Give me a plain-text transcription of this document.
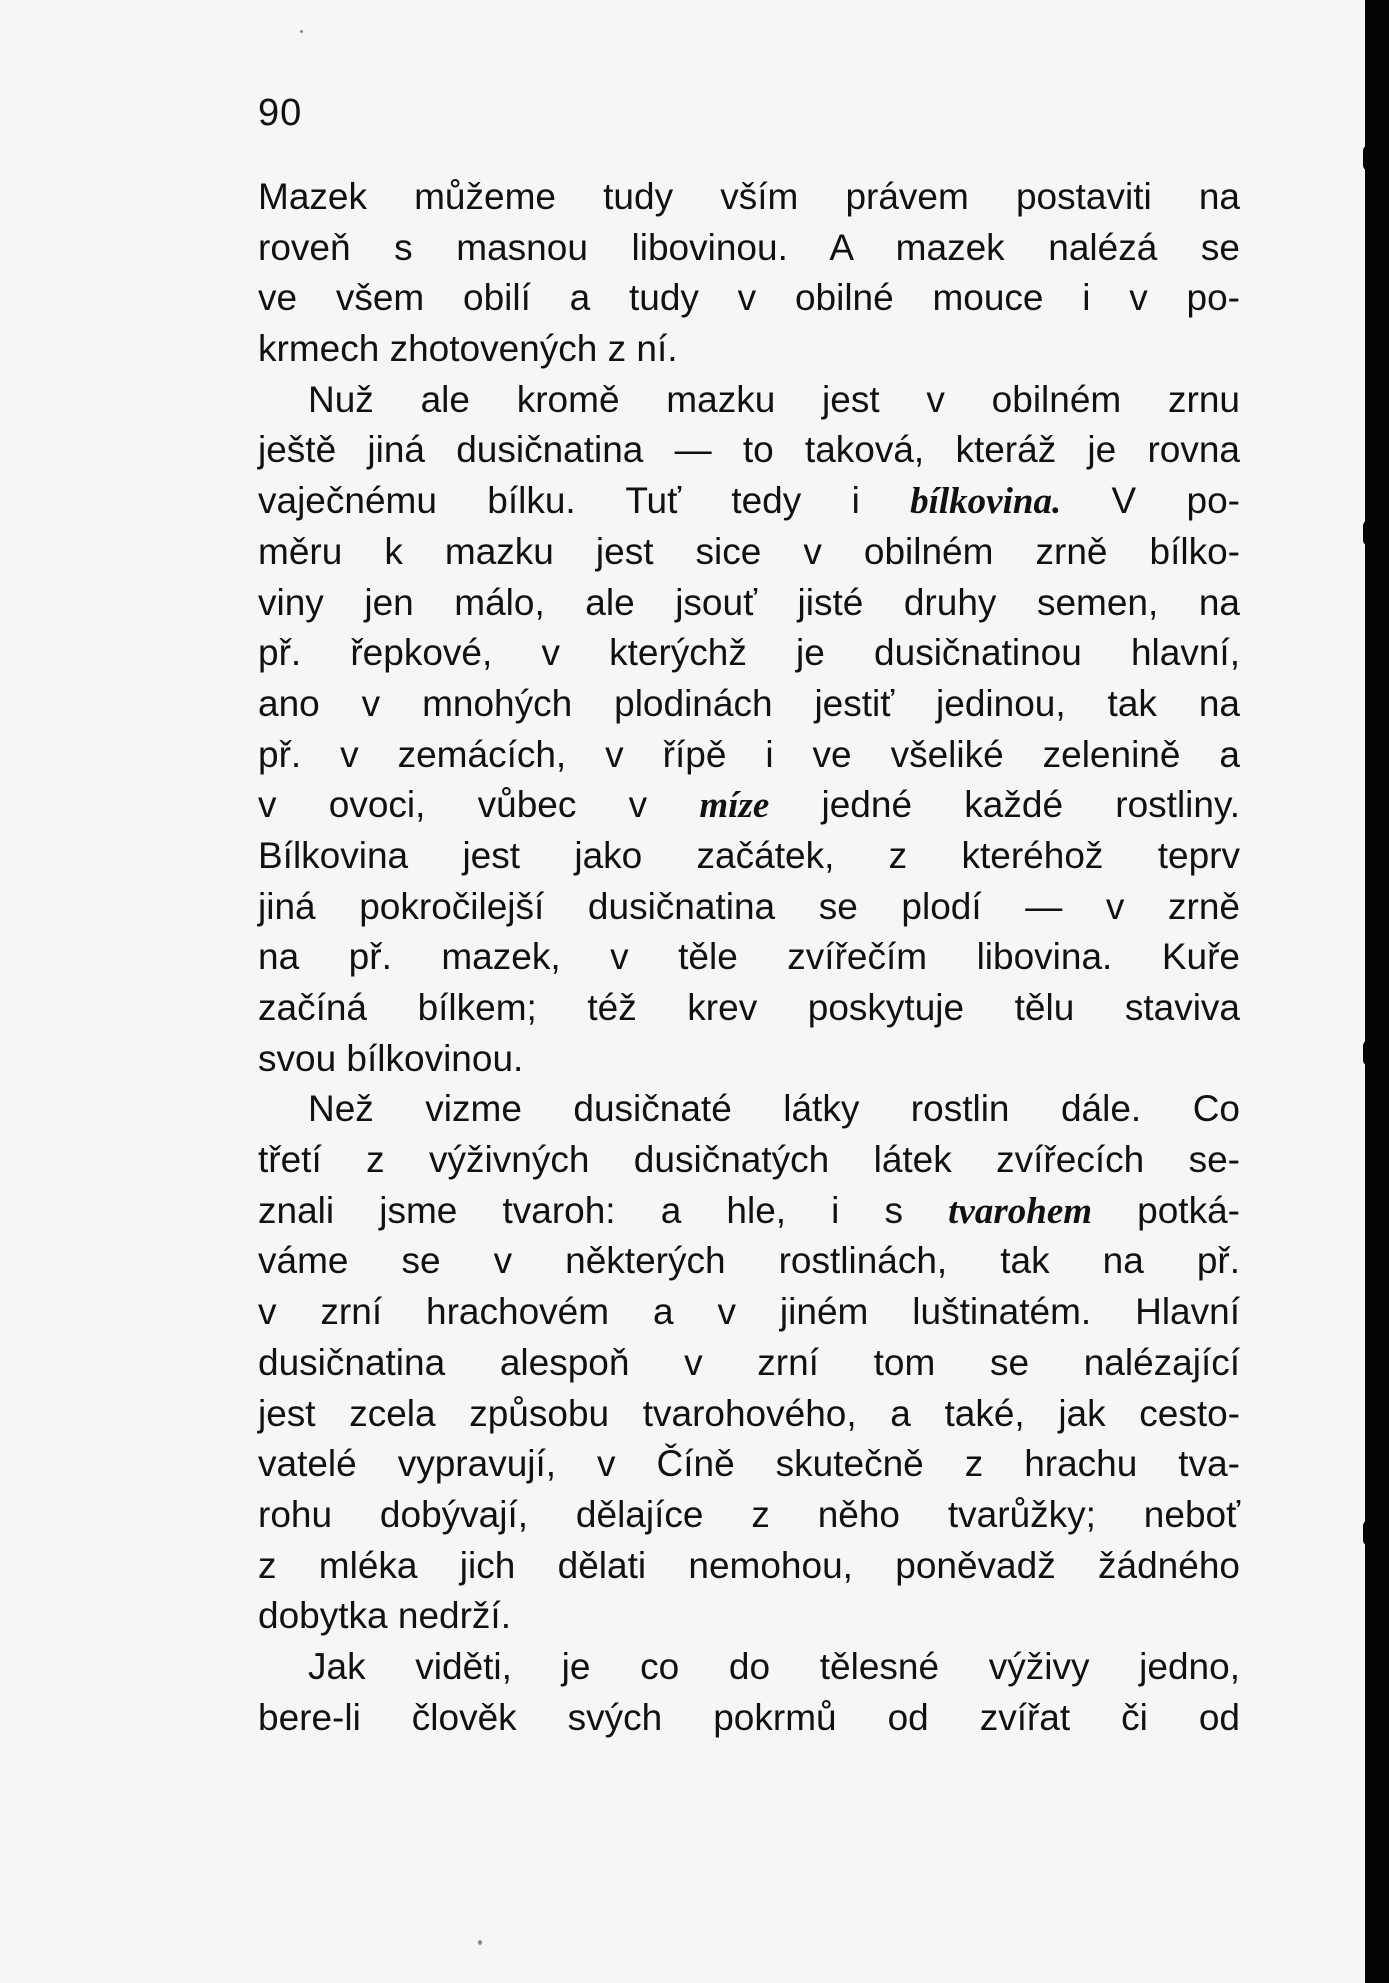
90
Mazek můžeme tudy vším právem postaviti na
roveň s masnou libovinou. A mazek nalézá se
ve všem obilí a tudy v obilné mouce i v po-
krmech zhotovených z ní.
Nuž ale kromě mazku jest v obilném zrnu
ještě jiná dusičnatina — to taková, kteráž je rovna
vaječnému bílku. Tuť tedy i bílkovina. V po-
měru k mazku jest sice v obilném zrně bílko-
viny jen málo, ale jsouť jisté druhy semen, na
př. řepkové, v kterýchž je dusičnatinou hlavní,
ano v mnohých plodinách jestiť jedinou, tak na
př. v zemácích, v řípě i ve všeliké zelenině a
v ovoci, vůbec v míze jedné každé rostliny.
Bílkovina jest jako začátek, z kteréhož teprv
jiná pokročilejší dusičnatina se plodí — v zrně
na př. mazek, v těle zvířečím libovina. Kuře
začíná bílkem; též krev poskytuje tělu staviva
svou bílkovinou.
Než vizme dusičnaté látky rostlin dále. Co
třetí z výživných dusičnatých látek zvířecích se-
znali jsme tvaroh: a hle, i s tvarohem potká-
váme se v některých rostlinách, tak na př.
v zrní hrachovém a v jiném luštinatém. Hlavní
dusičnatina alespoň v zrní tom se nalézající
jest zcela způsobu tvarohového, a také, jak cesto-
vatelé vypravují, v Číně skutečně z hrachu tva-
rohu dobývají, dělajíce z něho tvarůžky; neboť
z mléka jich dělati nemohou, poněvadž žádného
dobytka nedrží.
Jak viděti, je co do tělesné výživy jedno,
bere-li člověk svých pokrmů od zvířat či od
